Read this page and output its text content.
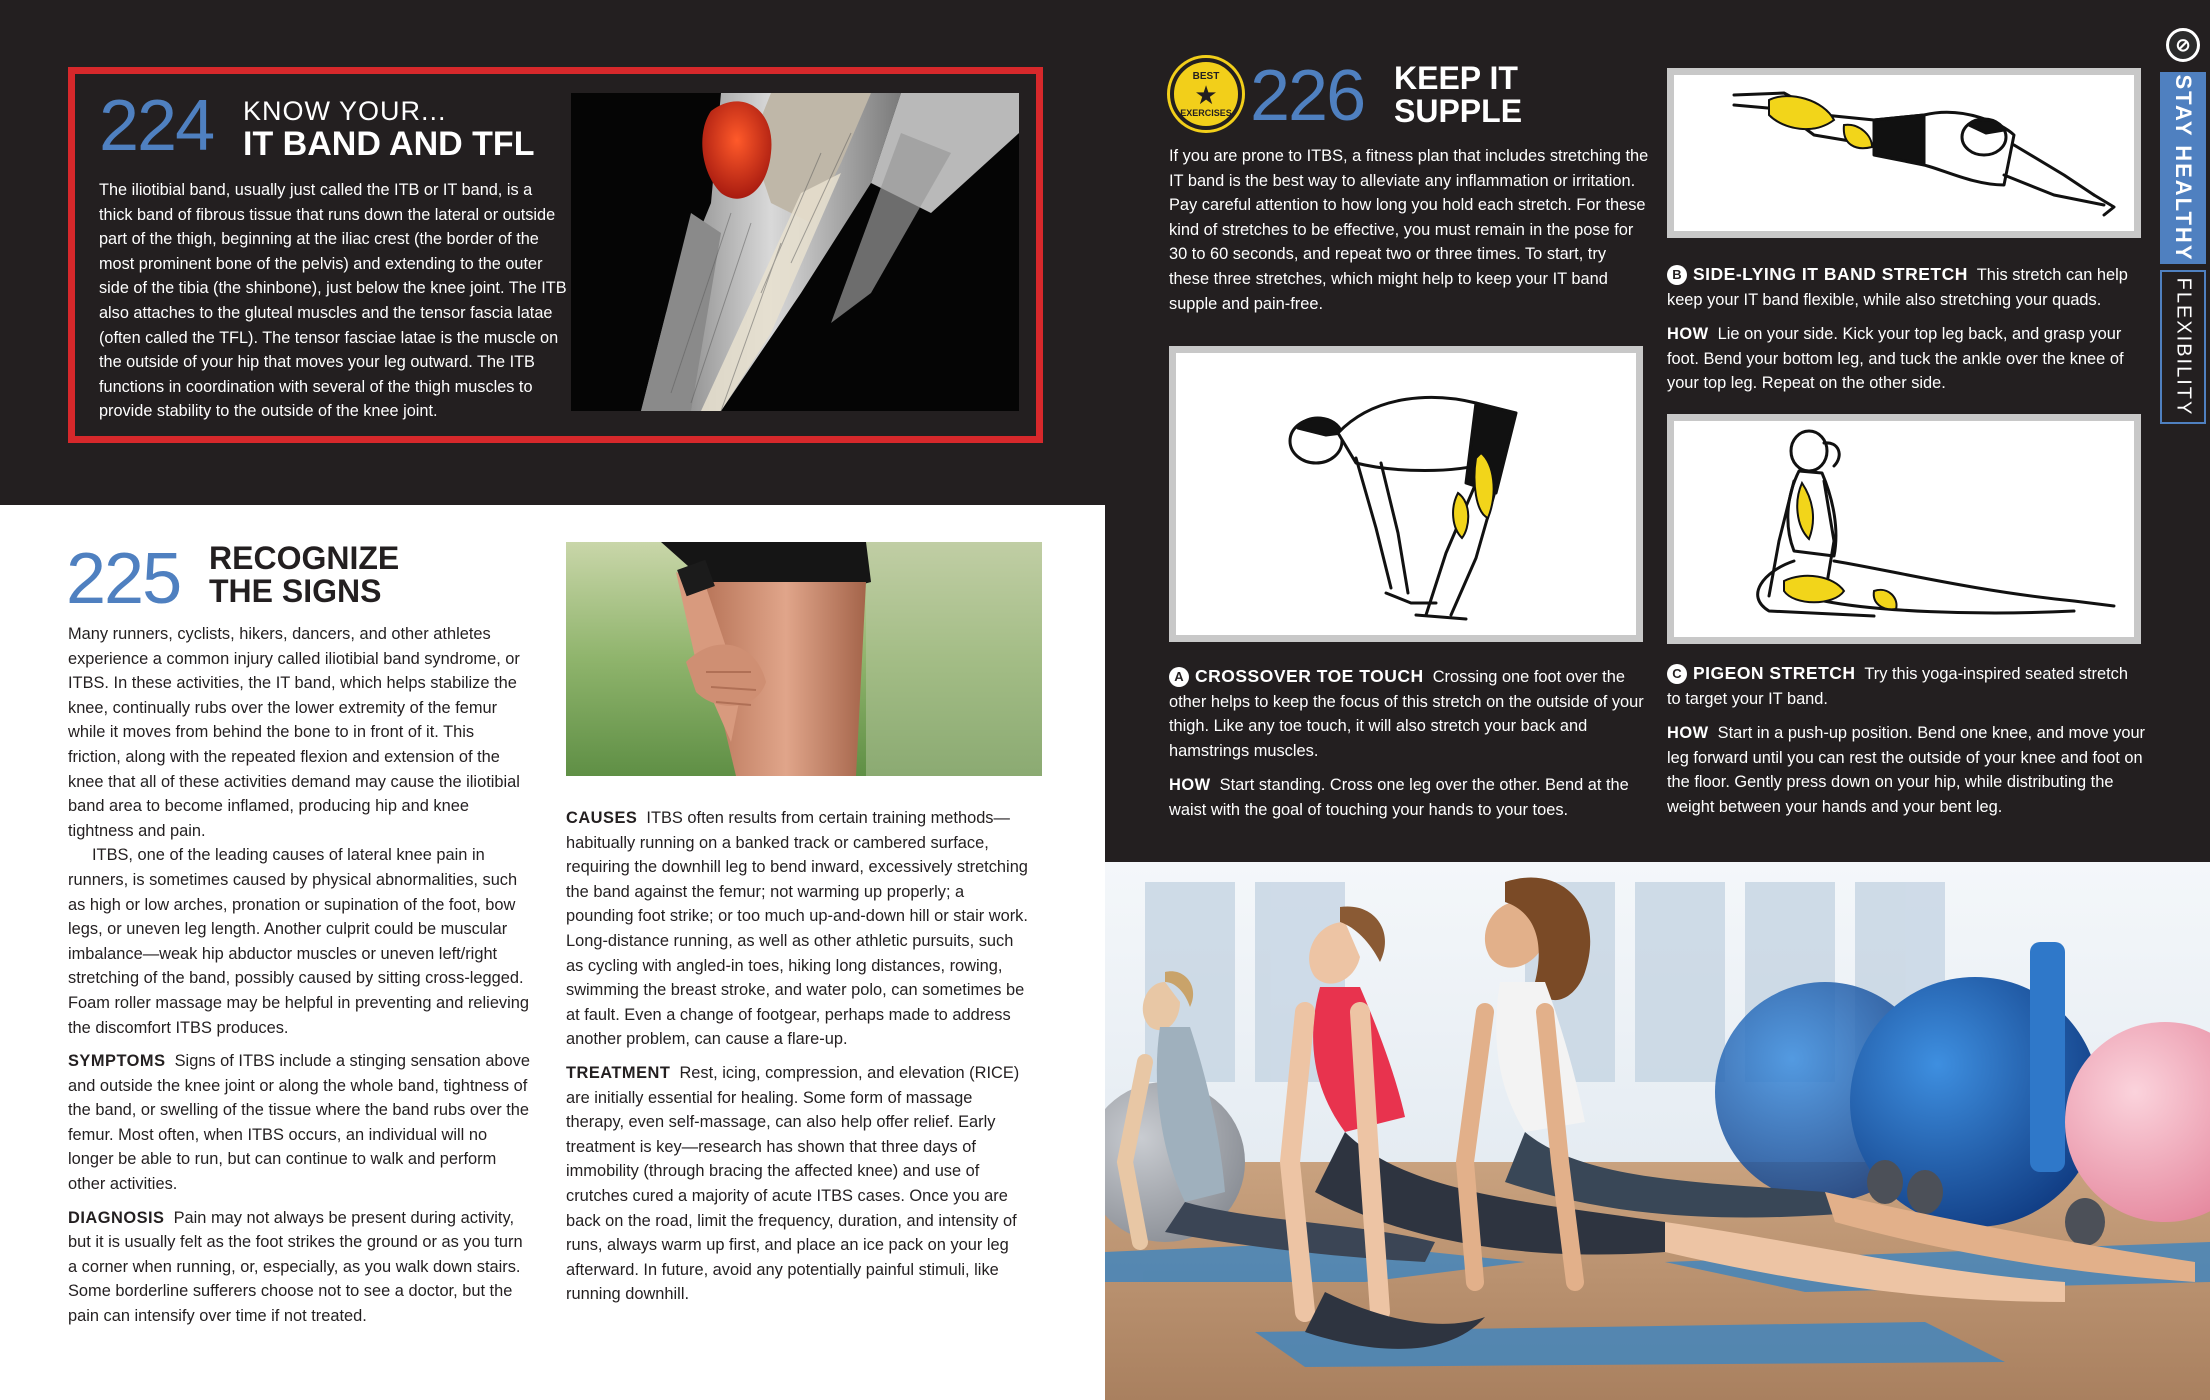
224 KNOW YOUR...
IT BAND AND TFL
The iliotibial band, usually just called the ITB or IT band, is a thick band of fibrous tissue that runs down the lateral or outside part of the thigh, beginning at the iliac crest (the border of the most prominent bone of the pelvis) and extending to the outer side of the tibia (the shinbone), just below the knee joint. The ITB also attaches to the gluteal muscles and the tensor fascia latae (often called the TFL). The tensor fasciae latae is the muscle on the outside of your hip that moves your leg outward. The ITB functions in coordination with several of the thigh muscles to provide stability to the outside of the knee joint.
225 RECOGNIZE
THE SIGNS

Many runners, cyclists, hikers, dancers, and other athletes experience a common injury called iliotibial band syndrome, or ITBS. In these activities, the IT band, which helps stabilize the knee, continually rubs over the lower extremity of the femur while it moves from behind the bone to in front of it. This friction, along with the repeated flexion and extension of the knee that all of these activities demand may cause the iliotibial band area to become inflamed, producing hip and knee tightness and pain.

ITBS, one of the leading causes of lateral knee pain in runners, is sometimes caused by physical abnormalities, such as high or low arches, pronation or supination of the foot, bow legs, or uneven leg length. Another culprit could be muscular imbalance—weak hip abductor muscles or uneven left/right stretching of the band, possibly caused by sitting cross-legged. Foam roller massage may be helpful in preventing and relieving the discomfort ITBS produces.

SYMPTOMS Signs of ITBS include a stinging sensation above and outside the knee joint or along the whole band, tightness of the band, or swelling of the tissue where the band rubs over the femur. Most often, when ITBS occurs, an individual will no longer be able to run, but can continue to walk and perform other activities.

DIAGNOSIS Pain may not always be present during activity, but it is usually felt as the foot strikes the ground or as you turn a corner when running, or, especially, as you walk down stairs. Some borderline sufferers choose not to see a doctor, but the pain can intensify over time if not treated.

CAUSES ITBS often results from certain training methods—habitually running on a banked track or cambered surface, requiring the downhill leg to bend inward, excessively stretching the band against the femur; not warming up properly; a pounding foot strike; or too much up-and-down hill or stair work. Long-distance running, as well as other athletic pursuits, such as cycling with angled-in toes, hiking long distances, rowing, swimming the breast stroke, and water polo, can sometimes be at fault. Even a change of footgear, perhaps made to address another problem, can cause a flare-up.

TREATMENT Rest, icing, compression, and elevation (RICE) are initially essential for healing. Some form of massage therapy, even self-massage, can also help offer relief. Early treatment is key—research has shown that three days of immobility (through bracing the affected knee) and use of crutches cured a majority of acute ITBS cases. Once you are back on the road, limit the frequency, duration, and intensity of runs, always warm up first, and place an ice pack on your leg afterward. In future, avoid any potentially painful stimuli, like running downhill.

BEST
★
EXERCISES 226 KEEP IT
SUPPLE
If you are prone to ITBS, a fitness plan that includes stretching the IT band is the best way to alleviate any inflammation or irritation. Pay careful attention to how long you hold each stretch. For these kind of stretches to be effective, you must remain in the pose for 30 to 60 seconds, and repeat two or three times. To start, try these three stretches, which might help to keep your IT band supple and pain-free.

A CROSSOVER TOE TOUCH Crossing one foot over the other helps to keep the focus of this stretch on the outside of your thigh. Like any toe touch, it will also stretch your back and hamstrings muscles.

HOW Start standing. Cross one leg over the other. Bend at the waist with the goal of touching your hands to your toes.

B SIDE-LYING IT BAND STRETCH This stretch can help keep your IT band flexible, while also stretching your quads.

HOW Lie on your side. Kick your top leg back, and grasp your foot. Bend your bottom leg, and tuck the ankle over the knee of your top leg. Repeat on the other side.

C PIGEON STRETCH Try this yoga-inspired seated stretch to target your IT band.

HOW Start in a push-up position. Bend one knee, and move your leg forward until you can rest the outside of your knee and foot on the floor. Gently press down on your hip, while distributing the weight between your hands and your bent leg.

⊘
STAY HEALTHY
FLEXIBILITY
